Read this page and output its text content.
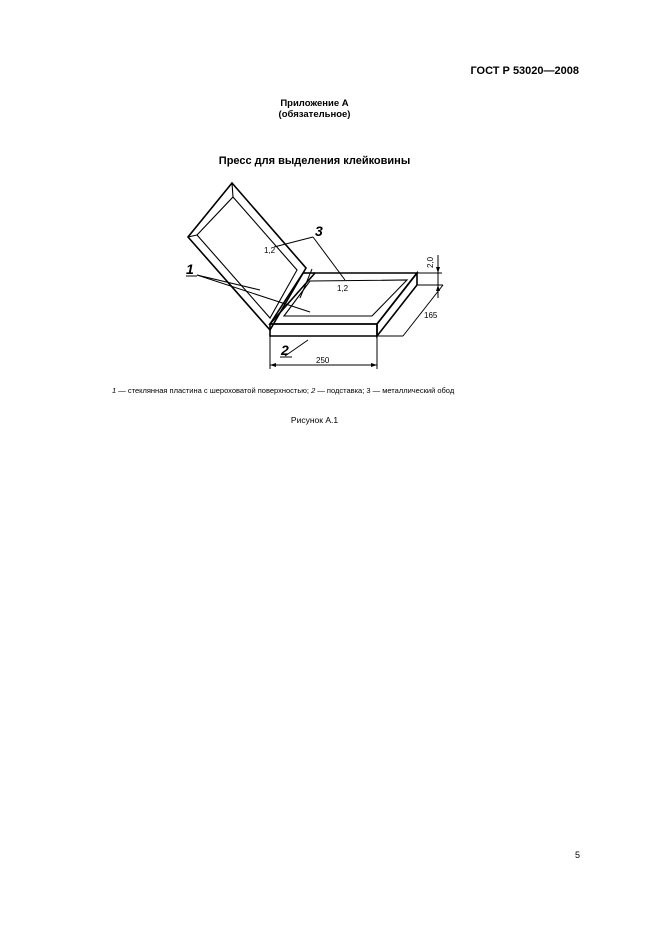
ГОСТ Р 53020—2008
Приложение А
(обязательное)
Пресс для выделения клейковины
1
3
2
1,2
1,2
2,0
165
250
1 — стеклянная пластина с шероховатой поверхностью; 2 — подставка; 3 — металлический обод
Рисунок А.1
5
